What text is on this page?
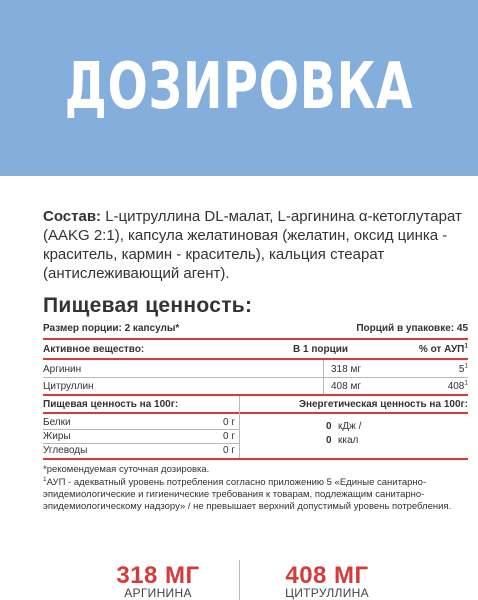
ДОЗИРОВКА
Состав: L-цитруллина DL-малат, L-аргинина α-кетоглутарат (AAKG 2:1), капсула желатиновая (желатин, оксид цинка - краситель, кармин - краситель), кальция стеарат (антислеживающий агент).
Пищевая ценность:
Размер порции: 2 капсулы*	Порций в упаковке: 45
Активное вещество:	В 1 порции	% от АУП$^1$
Аргинин	318 мг	$5^1$
Цитруллин	408 мг	$408^1$
Пищевая ценность на 100г:	Энергетическая ценность на 100г:
Белки	0 г
Жиры	0 г
Углеводы	0 г
0 кДж /
0 ккал
*рекомендуемая суточная дозировка.
$^1$АУП - адекватный уровень потребления согласно приложению 5 «Единые санитарно-эпидемиологические и гигиенические требования к товарам, подлежащим санитарно-эпидемиологическому надзору» / не превышает верхний допустимый уровень потребления.
318 МГ
АРГИНИНА
408 МГ
ЦИТРУЛЛИНА
